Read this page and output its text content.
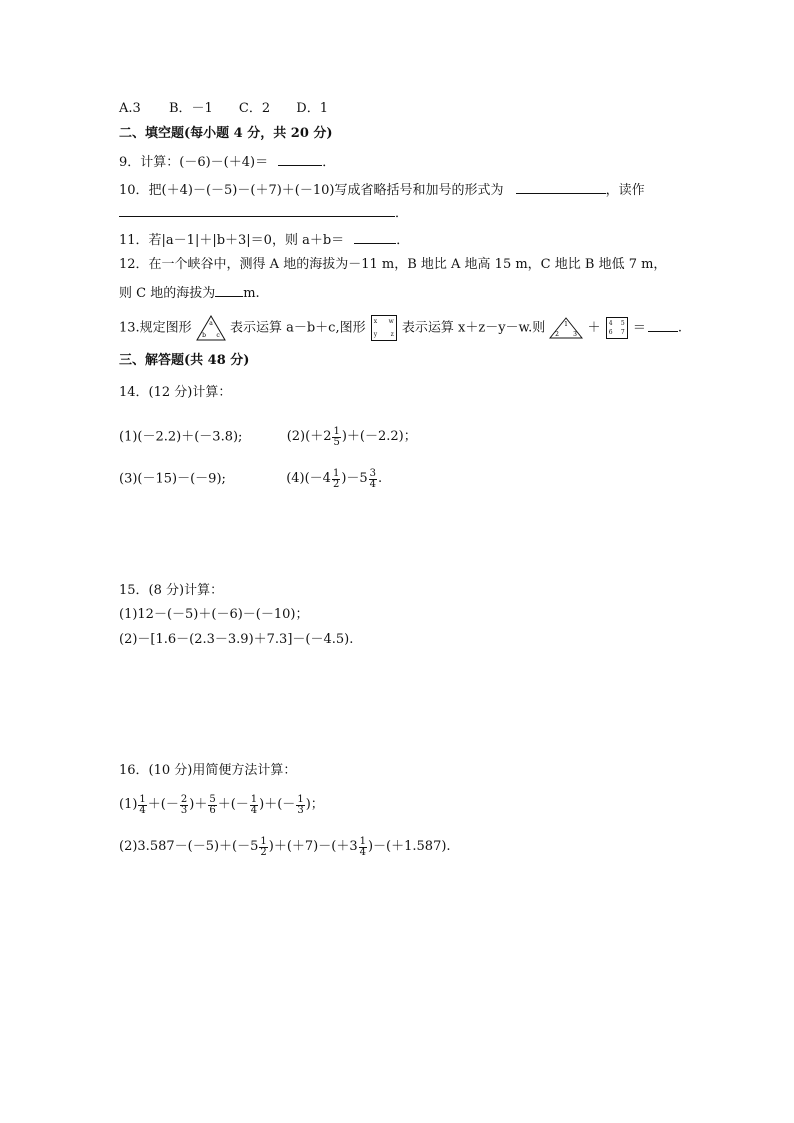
A.3 B．－1 C．2 D．1
二、填空题(每小题 4 分，共 20 分)
9．计算：(－6)－(＋4)＝	．
10．把(＋4)－(－5)－(＋7)＋(－10)写成省略括号和加号的形式为	，读作
．
11．若|a－1|＋|b＋3|＝0，则 a＋b＝	．
12．在一个峡谷中，测得 A 地的海拔为－11 m，B 地比 A 地高 15 m，C 地比 B 地低 7 m，
则 C 地的海拔为 m.
13.规定图形	a
b c 表示运算 a－b＋c,图形 x w
y z 表示运算 x＋z－y－w.则	1
2 3 ＋ 4 5
6 7 ＝ .
三、解答题(共 48 分)
14．(12 分)计算：
(1)(－2.2)＋(－3.8);	$(2)(+2 \frac{1}{5} )+(-2.2)$；
(3)(－15)－(－9);	$(4)(-4 \frac{1}{2} )-5 \frac{3}{4}$ .
15．(8 分)计算：
(1)12－(－5)＋(－6)－(－10)；
(2)－[1.6－(2.3－3.9)＋7.3]－(－4.5).
16．(10 分)用简便方法计算：
$(1) \frac{1}{4}$ ＋(－ $\frac{2}{3}$ )＋ $\frac{5}{6}$ ＋(－ $\frac{1}{4}$ )＋(－ $\frac{1}{3}$ )；
$(2)3.587-(-5)+(-5 \frac{1}{2} )+(+7)-(+3 \frac{1}{4} )-(+1.587)$.
